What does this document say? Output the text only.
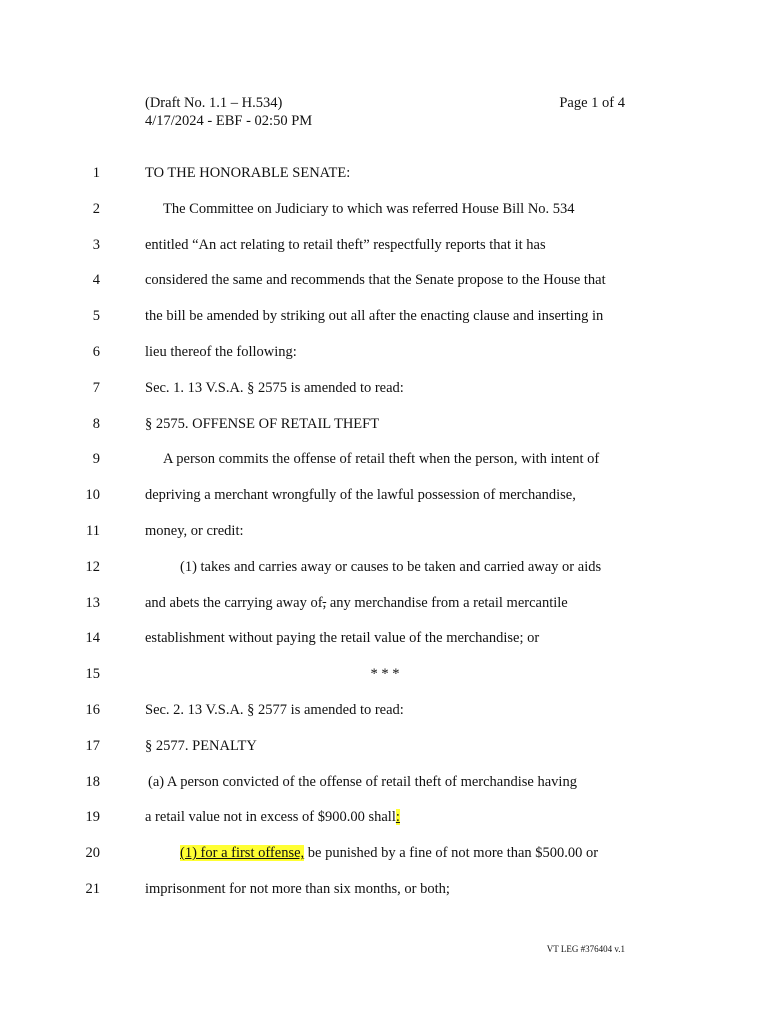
(Draft No. 1.1 – H.534)
4/17/2024 - EBF - 02:50 PM
Page 1 of 4
1	TO THE HONORABLE SENATE:
2	The Committee on Judiciary to which was referred House Bill No. 534
3	entitled “An act relating to retail theft” respectfully reports that it has
4	considered the same and recommends that the Senate propose to the House that
5	the bill be amended by striking out all after the enacting clause and inserting in
6	lieu thereof the following:
7	Sec. 1. 13 V.S.A. § 2575 is amended to read:
8	§ 2575. OFFENSE OF RETAIL THEFT
9	A person commits the offense of retail theft when the person, with intent of
10	depriving a merchant wrongfully of the lawful possession of merchandise,
11	money, or credit:
12	(1) takes and carries away or causes to be taken and carried away or aids
13	and abets the carrying away of, any merchandise from a retail mercantile
14	establishment without paying the retail value of the merchandise; or
15	* * *
16	Sec. 2. 13 V.S.A. § 2577 is amended to read:
17	§ 2577. PENALTY
18	(a) A person convicted of the offense of retail theft of merchandise having
19	a retail value not in excess of $900.00 shall:
20	(1) for a first offense, be punished by a fine of not more than $500.00 or
21	imprisonment for not more than six months, or both;
VT LEG #376404 v.1
